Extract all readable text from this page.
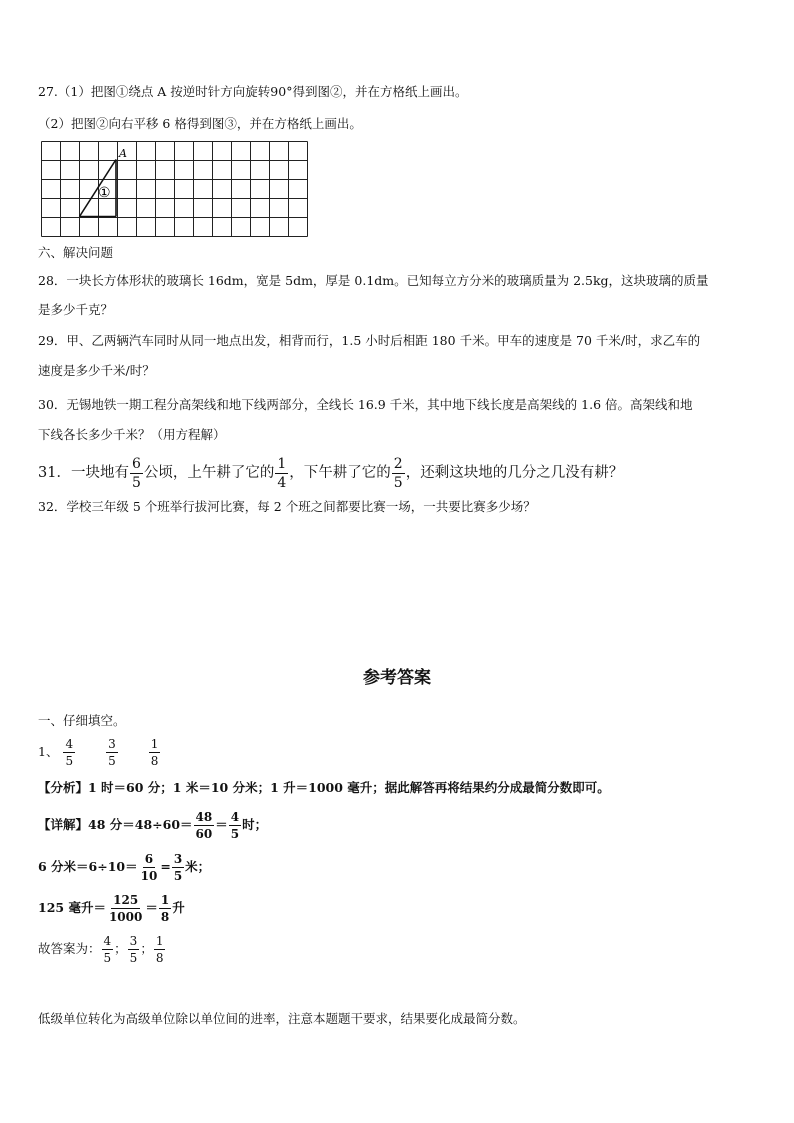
27.（1）把图①绕点 A 按逆时针方向旋转90°得到图②，并在方格纸上画出。
（2）把图②向右平移 6 格得到图③，并在方格纸上画出。
A
①
六、解决问题
28．一块长方体形状的玻璃长 16dm，宽是 5dm，厚是 0.1dm。已知每立方分米的玻璃质量为 2.5kg，这块玻璃的质量
是多少千克？
29．甲、乙两辆汽车同时从同一地点出发，相背而行，1.5 小时后相距 180 千米。甲车的速度是 70 千米/时，求乙车的
速度是多少千米/时？
30．无锡地铁一期工程分高架线和地下线两部分，全线长 16.9 千米，其中地下线长度是高架线的 1.6 倍。高架线和地
下线各长多少千米？（用方程解）
31．一块地有 $\frac{6}{5}$ 公顷，上午耕了它的 $\frac{1}{4}$ ，下午耕了它的 $\frac{2}{5}$ ，还剩这块地的几分之几没有耕？
32．学校三年级 5 个班举行拔河比赛，每 2 个班之间都要比赛一场，一共要比赛多少场？
参考答案
一、仔细填空。
1、 $\frac{4}{5}$
	$\frac{3}{5}$
	$\frac{1}{8}$
【分析】1 时＝60 分；1 米＝10 分米；1 升＝1000 毫升；据此解答再将结果约分成最简分数即可。
【详解】48 分$=48\div 60= \frac{48}{60} = \frac{4}{5}$ 时；
6 分米$=6\div 10= \frac{6}{10} = \frac{3}{5}$ 米；
125 毫升＝ $\frac{125}{1000} = \frac{1}{8}$ 升
故答案为： $\frac{4}{5}$ ； $\frac{3}{5}$ ； $\frac{1}{8}$
低级单位转化为高级单位除以单位间的进率，注意本题题干要求，结果要化成最简分数。
